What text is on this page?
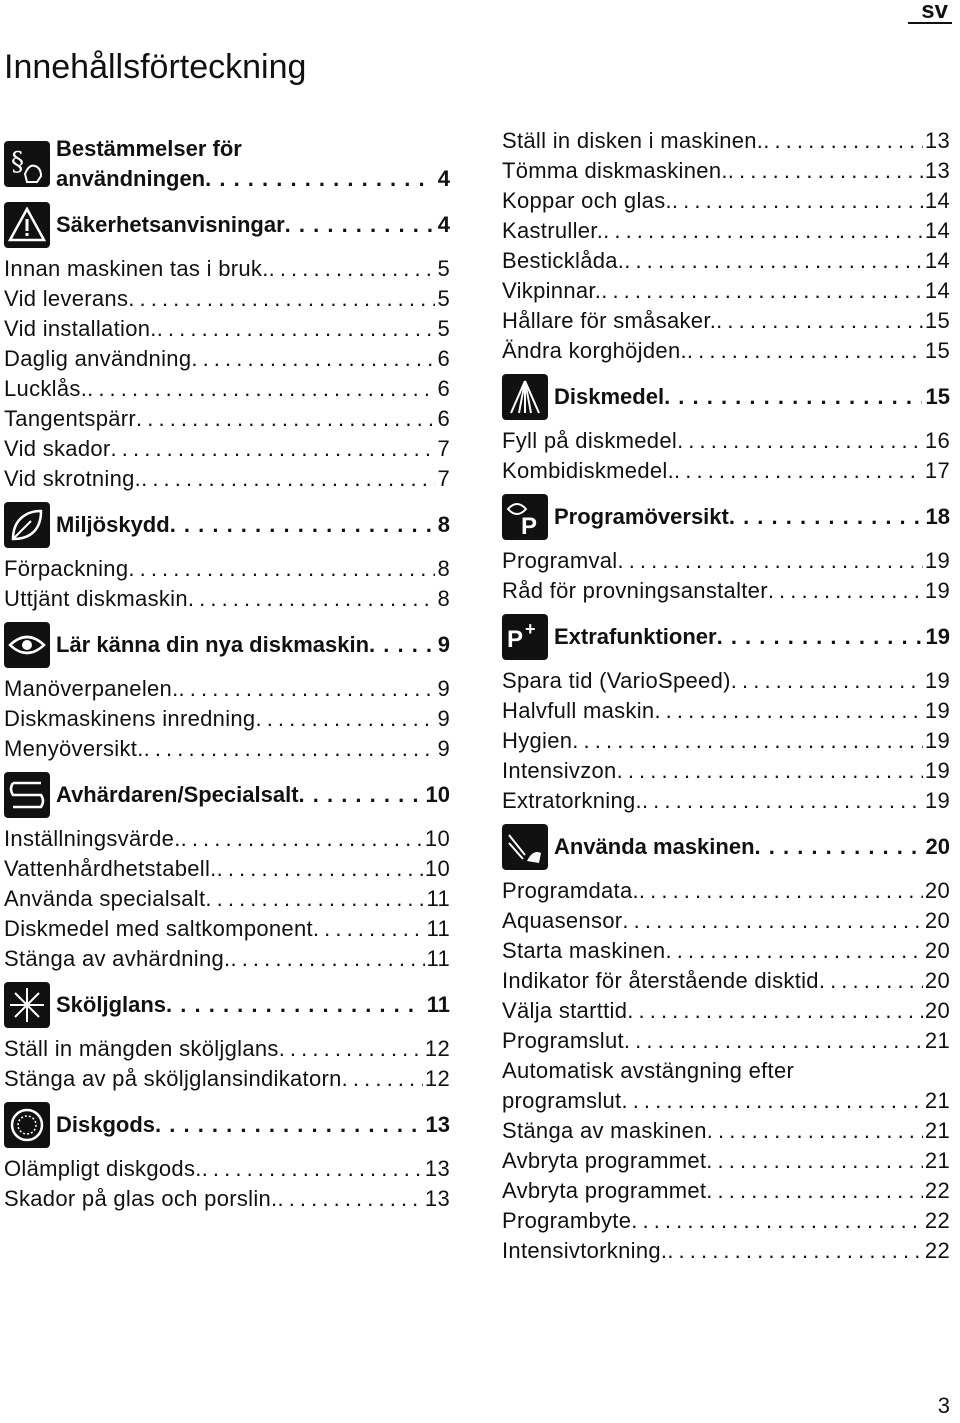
sv
Innehållsförteckning
§ Bestämmelser för
användningen . . .	4
Säkerhetsanvisningar . . .	4
Innan maskinen tas i bruk. . . .	5
Vid leverans . . .	5
Vid installation. . . .	5
Daglig användning . . .	6
Lucklås. . . .	6
Tangentspärr . . .	6
Vid skador . . .	7
Vid skrotning. . . .	7
Miljöskydd . . .	8
Förpackning . . .	8
Uttjänt diskmaskin . . .	8
Lär känna din nya diskmaskin . . .	9
Manöverpanelen. . . .	9
Diskmaskinens inredning . . .	9
Menyöversikt. . . .	9
Avhärdaren/Specialsalt . . .	10
Inställningsvärde. . . .	10
Vattenhårdhetstabell. . . .	10
Använda specialsalt . . .	11
Diskmedel med saltkomponent . . .	11
Stänga av avhärdning. . . .	11
Sköljglans . . .	11
Ställ in mängden sköljglans . . .	12
Stänga av på sköljglansindikatorn . . .	12
Diskgods . . .	13
Olämpligt diskgods. . . .	13
Skador på glas och porslin. . . .	13
Ställ in disken i maskinen. . . .	13
Tömma diskmaskinen. . . .	13
Koppar och glas. . . .	14
Kastruller. . . .	14
Besticklåda. . . .	14
Vikpinnar. . . .	14
Hållare för småsaker. . . .	15
Ändra korghöjden. . . .	15
Diskmedel . . .	15
Fyll på diskmedel . . .	16
Kombidiskmedel. . . .	17
P Programöversikt . . .	18
Programval . . .	19
Råd för provningsanstalter . . .	19
P + Extrafunktioner . . .	19
Spara tid (VarioSpeed) . . .	19
Halvfull maskin . . .	19
Hygien . . .	19
Intensivzon . . .	19
Extratorkning. . . .	19
Använda maskinen . . .	20
Programdata. . . .	20
Aquasensor . . .	20
Starta maskinen . . .	20
Indikator för återstående disktid . . .	20
Välja starttid . . .	20
Programslut . . .	21
Automatisk avstängning efter
programslut . . .	21
Stänga av maskinen . . .	21
Avbryta programmet . . .	21
Avbryta programmet . . .	22
Programbyte . . .	22
Intensivtorkning. . . .	22
3
